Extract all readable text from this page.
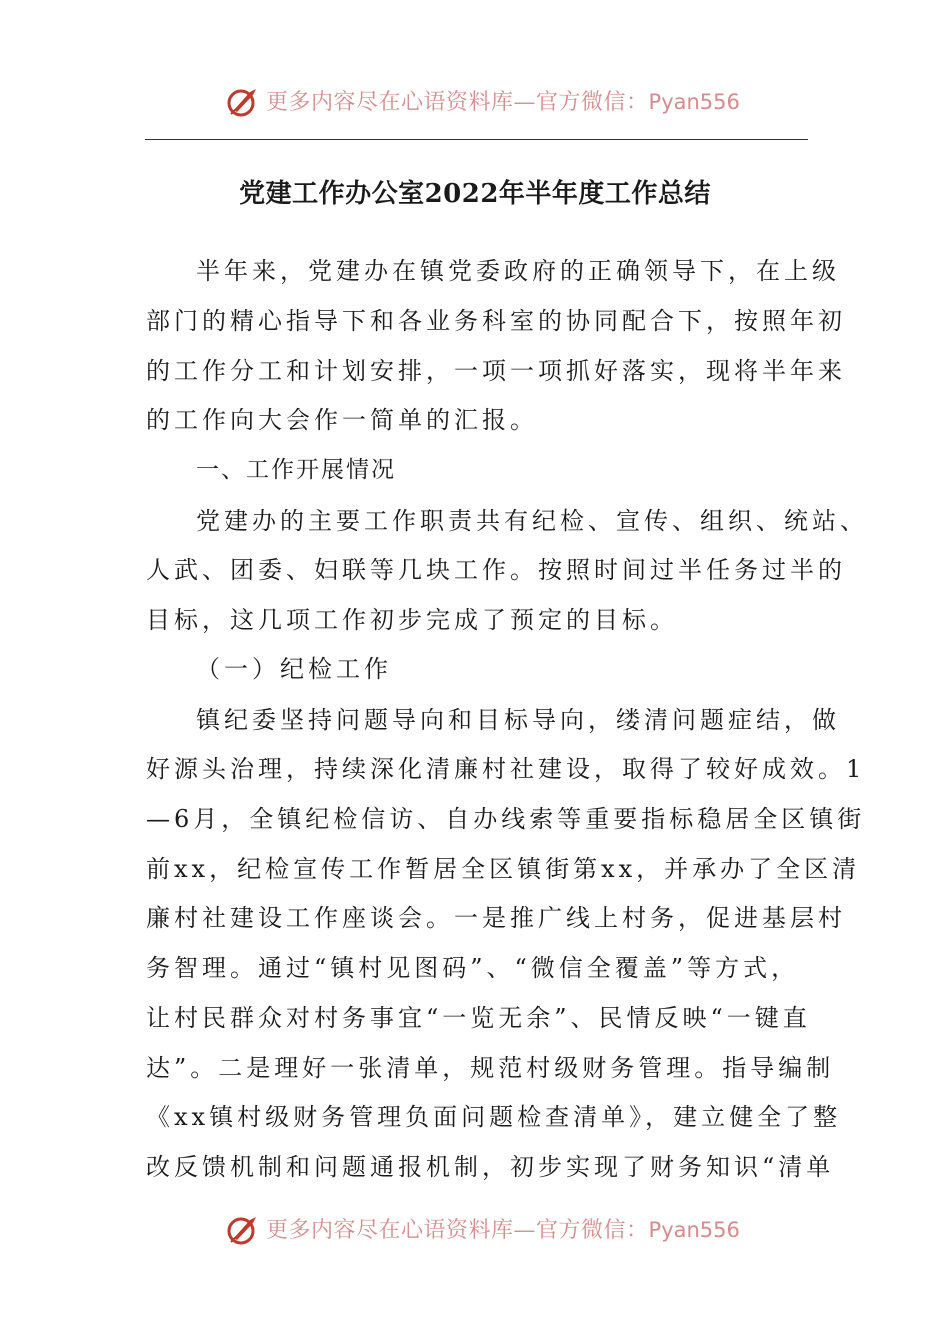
更多内容尽在心语资料库—官方微信：Pyan556
党建工作办公室2022年半年度工作总结
半年来，党建办在镇党委政府的正确领导下，在上级
部门的精心指导下和各业务科室的协同配合下，按照年初
的工作分工和计划安排，一项一项抓好落实，现将半年来
的工作向大会作一简单的汇报。
一、工作开展情况
党建办的主要工作职责共有纪检、宣传、组织、统站、
人武、团委、妇联等几块工作。按照时间过半任务过半的
目标，这几项工作初步完成了预定的目标。
（一）纪检工作
镇纪委坚持问题导向和目标导向，缕清问题症结，做
好源头治理，持续深化清廉村社建设，取得了较好成效。1
—6月，全镇纪检信访、自办线索等重要指标稳居全区镇街
前xx，纪检宣传工作暂居全区镇街第xx，并承办了全区清
廉村社建设工作座谈会。一是推广线上村务，促进基层村
务智理。通过“镇村见图码”、“微信全覆盖”等方式，
让村民群众对村务事宜“一览无余”、民情反映“一键直
达”。二是理好一张清单，规范村级财务管理。指导编制
《xx镇村级财务管理负面问题检查清单》，建立健全了整
改反馈机制和问题通报机制，初步实现了财务知识“清单
更多内容尽在心语资料库—官方微信：Pyan556
